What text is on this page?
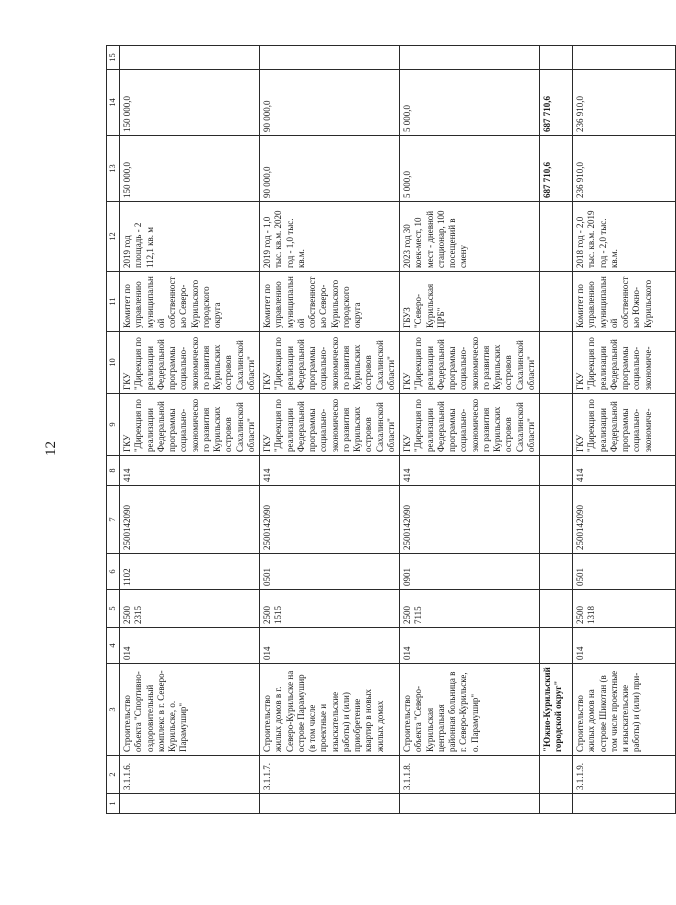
12
1	2	3	4	5	6	7	8	9	10	11	12	13	14	15
	3.1.1.6.	Строительство объекта "Спортивно-оздоровительный комплекс в г. Северо-Курильске, о. Парамушир"	014	2500 2315	1102	2500142090	414	ГКУ "Дирекция по реализации Федеральной программы социально-экономического развития Курильских островов Сахалинской области"	ГКУ "Дирекция по реализации Федеральной программы социально-экономического развития Курильских островов Сахалинской области"	Комитет по управлению муниципальной собственностью Северо-Курильского городского округа	2019 год площадь - 2 112,1 кв. м	150 000,0	150 000,0	
	3.1.1.7.	Строительство жилых домов в г. Северо-Курильске на острове Парамушир (в том числе проектные и изыскательские работы) и (или) приобретение квартир в новых жилых домах	014	2500 1515	0501	2500142090	414	ГКУ "Дирекция по реализации Федеральной программы социально-экономического развития Курильских островов Сахалинской области"	ГКУ "Дирекция по реализации Федеральной программы социально-экономического развития Курильских островов Сахалинской области"	Комитет по управлению муниципальной собственностью Северо-Курильского городского округа	2019 год - 1,0 тыс. кв.м. 2020 год - 1,0 тыс. кв.м.	90 000,0	90 000,0	
	3.1.1.8.	Строительство объекта "Северо-Курильская центральная районная больница в г. Северо-Курильске, о. Парамушир"	014	2500 7115	0901	2500142090	414	ГКУ "Дирекция по реализации Федеральной программы социально-экономического развития Курильских островов Сахалинской области"	ГКУ "Дирекция по реализации Федеральной программы социально-экономического развития Курильских островов Сахалинской области"	ГБУЗ "Северо-Курильская ЦРБ"	2023 год 30 коек-мест, 10 мест - дневной стационар, 100 посещений в смену	5 000,0	5 000,0	
		"Южно-Курильский городской округ"										687 710,6	687 710,6	
	3.1.1.9.	Строительство жилых домов на острове Шикотан (в том числе проектные и изыскательские работы) и (или) при-	014	2500 1318	0501	2500142090	414	ГКУ "Дирекция по реализации Федеральной программы социально-экономиче-	ГКУ "Дирекция по реализации Федеральной программы социально-экономиче-	Комитет по управлению муниципальной собственностью Южно-Курильского	2018 год - 2,0 тыс. кв.м. 2019 год - 2,0 тыс. кв.м.	236 910,0	236 910,0	
